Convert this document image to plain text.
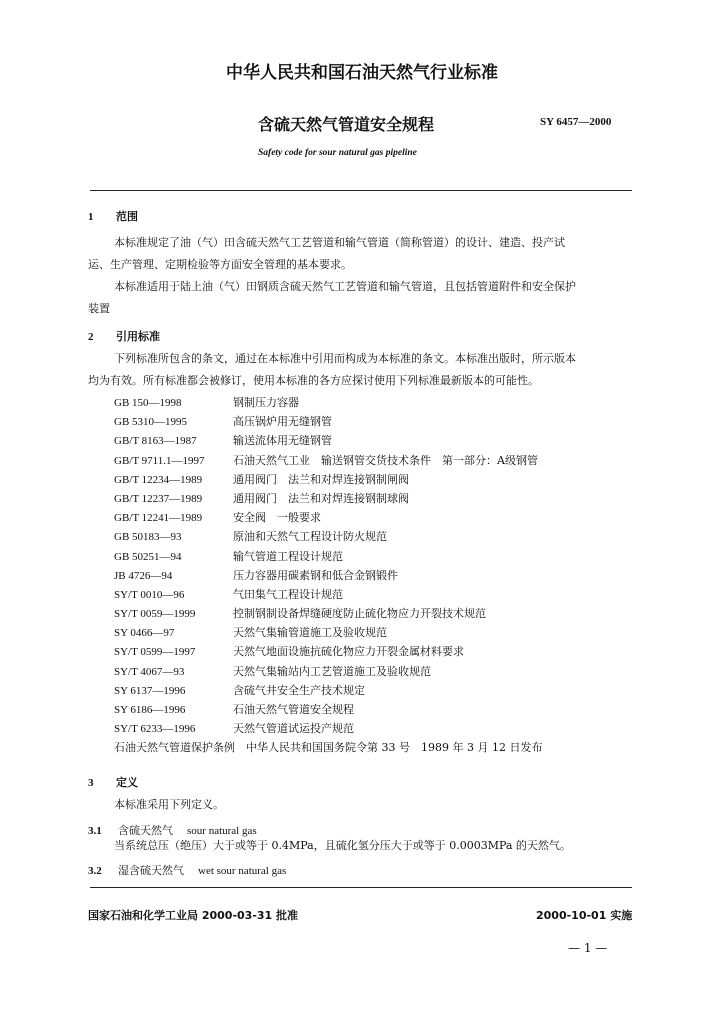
中华人民共和国石油天然气行业标准
含硫天然气管道安全规程	SY 6457—2000
Safety code for sour natural gas pipeline
1 范围
本标准规定了油（气）田含硫天然气工艺管道和输气管道（简称管道）的设计、建造、投产试
运、生产管理、定期检验等方面安全管理的基本要求。
本标准适用于陆上油（气）田钢质含硫天然气工艺管道和输气管道，且包括管道附件和安全保护
装置
2 引用标准
下列标准所包含的条文，通过在本标准中引用而构成为本标准的条文。本标准出版时，所示版本
均为有效。所有标准都会被修订，使用本标准的各方应探讨使用下列标准最新版本的可能性。
GB 150—1998	钢制压力容器
GB 5310—1995	高压锅炉用无缝钢管
GB/T 8163—1987	输送流体用无缝钢管
GB/T 9711.1—1997	石油天然气工业　输送钢管交货技术条件　第一部分：A级钢管
GB/T 12234—1989	通用阀门　法兰和对焊连接钢制闸阀
GB/T 12237—1989	通用阀门　法兰和对焊连接钢制球阀
GB/T 12241—1989	安全阀　一般要求
GB 50183—93	原油和天然气工程设计防火规范
GB 50251—94	输气管道工程设计规范
JB 4726—94	压力容器用碳素钢和低合金钢锻件
SY/T 0010—96	气田集气工程设计规范
SY/T 0059—1999	控制钢制设备焊缝硬度防止硫化物应力开裂技术规范
SY 0466—97	天然气集输管道施工及验收规范
SY/T 0599—1997	天然气地面设施抗硫化物应力开裂金属材料要求
SY/T 4067—93	天然气集输站内工艺管道施工及验收规范
SY 6137—1996	含硫气井安全生产技术规定
SY 6186—1996	石油天然气管道安全规程
SY/T 6233—1996	天然气管道试运投产规范
石油天然气管道保护条例　中华人民共和国国务院令第 33 号　1989 年 3 月 12 日发布
3 定义
本标准采用下列定义。
3.1 含硫天然气 sour natural gas
当系统总压（绝压）大于或等于 0.4MPa，且硫化氢分压大于或等于 0.0003MPa 的天然气。
3.2 湿含硫天然气 wet sour natural gas
国家石油和化学工业局 2000-03-31 批准	2000-10-01 实施
— 1 —
